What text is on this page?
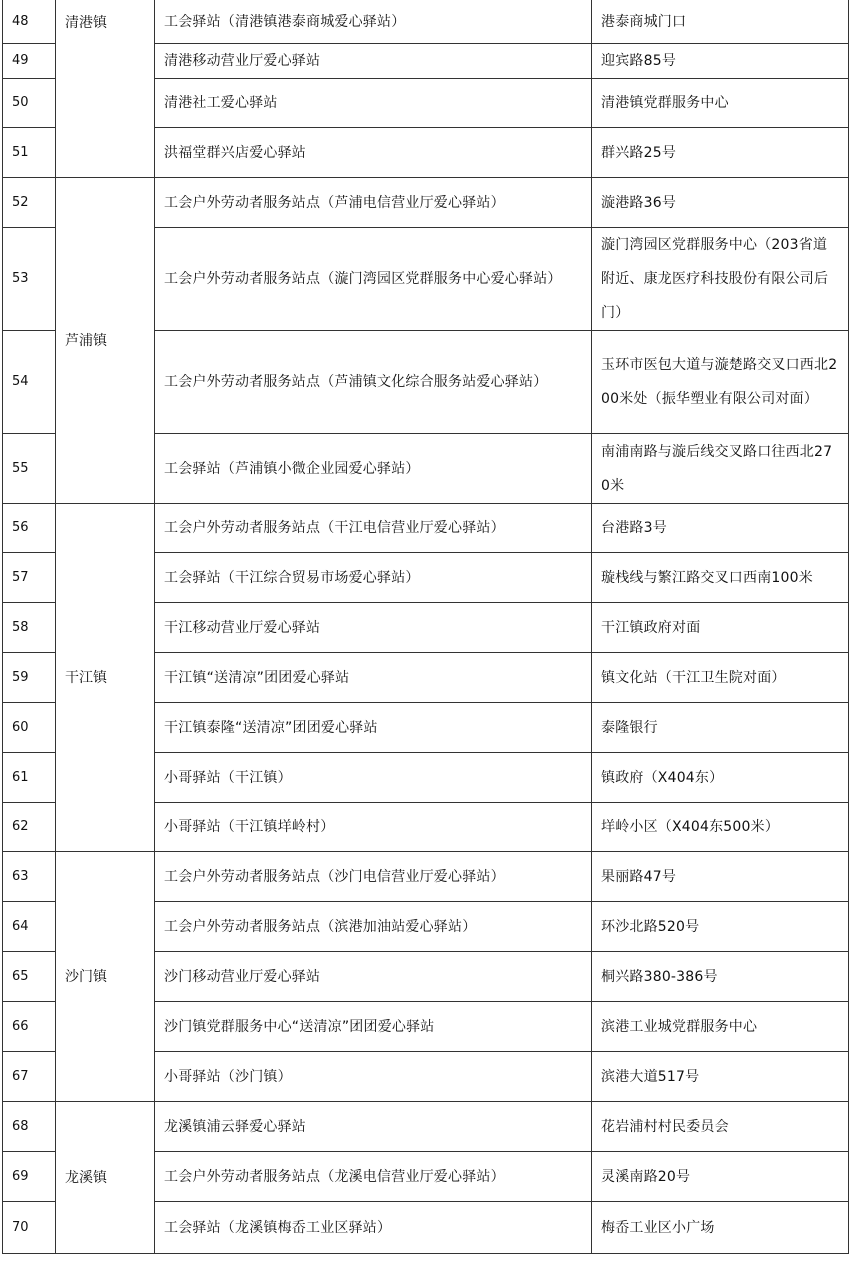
48	清港镇	工会驿站（清港镇港泰商城爱心驿站）	港泰商城门口
49		清港移动营业厅爱心驿站	迎宾路85号
50		清港社工爱心驿站	清港镇党群服务中心
51		洪福堂群兴店爱心驿站	群兴路25号
52	芦浦镇	工会户外劳动者服务站点（芦浦电信营业厅爱心驿站）	漩港路36号
53		工会户外劳动者服务站点（漩门湾园区党群服务中心爱心驿站）	漩门湾园区党群服务中心（203省道附近、康龙医疗科技股份有限公司后门）
54		工会户外劳动者服务站点（芦浦镇文化综合服务站爱心驿站）	玉环市医包大道与漩楚路交叉口西北200米处（振华塑业有限公司对面）
55		工会驿站（芦浦镇小微企业园爱心驿站）	南浦南路与漩后线交叉路口往西北270米
56	干江镇	工会户外劳动者服务站点（干江电信营业厅爱心驿站）	台港路3号
57		工会驿站（干江综合贸易市场爱心驿站）	璇栈线与繁江路交叉口西南100米
58		干江移动营业厅爱心驿站	干江镇政府对面
59		干江镇“送清凉”团团爱心驿站	镇文化站（干江卫生院对面）
60		干江镇泰隆“送清凉”团团爱心驿站	泰隆银行
61		小哥驿站（干江镇）	镇政府（X404东）
62		小哥驿站（干江镇垟岭村）	垟岭小区（X404东500米）
63	沙门镇	工会户外劳动者服务站点（沙门电信营业厅爱心驿站）	果丽路47号
64		工会户外劳动者服务站点（滨港加油站爱心驿站）	环沙北路520号
65		沙门移动营业厅爱心驿站	桐兴路380-386号
66		沙门镇党群服务中心“送清凉”团团爱心驿站	滨港工业城党群服务中心
67		小哥驿站（沙门镇）	滨港大道517号
68	龙溪镇	龙溪镇浦云驿爱心驿站	花岩浦村村民委员会
69		工会户外劳动者服务站点（龙溪电信营业厅爱心驿站）	灵溪南路20号
70		工会驿站（龙溪镇梅岙工业区驿站）	梅岙工业区小广场
